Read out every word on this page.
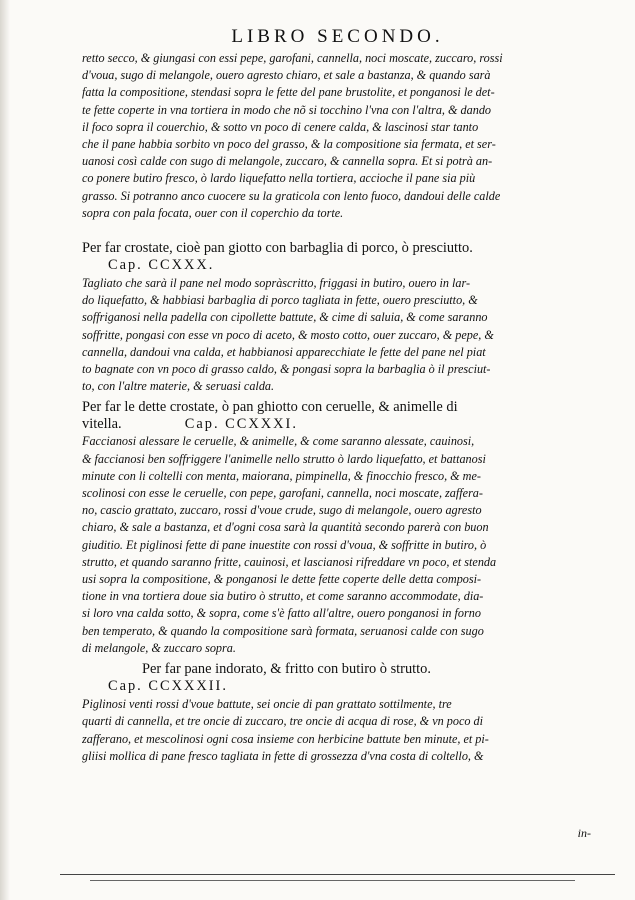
LIBRO SECONDO.
retto secco, & giungasi con essi pepe, garofani, cannella, noci moscate, zuccaro, rossi
d'voua, sugo di melangole, ouero agresto chiaro, et sale a bastanza, & quando sarà
fatta la compositione, stendasi sopra le fette del pane brustolite, et ponganosi le det-
te fette coperte in vna tortiera in modo che nõ si tocchino l'vna con l'altra, & dando
il foco sopra il couerchio, & sotto vn poco di cenere calda, & lascinosi star tanto
che il pane habbia sorbito vn poco del grasso, & la compositione sia fermata, et ser-
uanosi così calde con sugo di melangole, zuccaro, & cannella sopra. Et si potrà an-
co ponere butiro fresco, ò lardo liquefatto nella tortiera, accioche il pane sia più
grasso. Si potranno anco cuocere su la graticola con lento fuoco, dandoui delle calde
sopra con pala focata, ouer con il coperchio da torte.
Per far crostate, cioè pan giotto con barbaglia di porco, ò presciutto.
Cap. CCXXX.
Tagliato che sarà il pane nel modo sopràscritto, friggasi in butiro, ouero in lar-
do liquefatto, & habbiasi barbaglia di porco tagliata in fette, ouero presciutto, &
soffriganosi nella padella con cipollette battute, & cime di saluia, & come saranno
soffritte, pongasi con esse vn poco di aceto, & mosto cotto, ouer zuccaro, & pepe, &
cannella, dandoui vna calda, et habbianosi apparecchiate le fette del pane nel piat
to bagnate con vn poco di grasso caldo, & pongasi sopra la barbaglia ò il presciut-
to, con l'altre materie, & seruasi calda.
Per far le dette crostate, ò pan ghiotto con ceruelle, & animelle di
vitella.	Cap. CCXXXI.
Faccianosi alessare le ceruelle, & animelle, & come saranno alessate, cauinosi,
& faccianosi ben soffriggere l'animelle nello strutto ò lardo liquefatto, et battanosi
minute con li coltelli con menta, maiorana, pimpinella, & finocchio fresco, & me-
scolinosi con esse le ceruelle, con pepe, garofani, cannella, noci moscate, zaffera-
no, cascio grattato, zuccaro, rossi d'voue crude, sugo di melangole, ouero agresto
chiaro, & sale a bastanza, et d'ogni cosa sarà la quantità secondo parerà con buon
giuditio. Et piglinosi fette di pane inuestite con rossi d'voua, & soffritte in butiro, ò
strutto, et quando saranno fritte, cauinosi, et lascianosi rifreddare vn poco, et stenda
usi sopra la compositione, & ponganosi le dette fette coperte delle detta composi-
tione in vna tortiera doue sia butiro ò strutto, et come saranno accommodate, dia-
si loro vna calda sotto, & sopra, come s'è fatto all'altre, ouero ponganosi in forno
ben temperato, & quando la compositione sarà formata, seruanosi calde con sugo
di melangole, & zuccaro sopra.
Per far pane indorato, & fritto con butiro ò strutto.
Cap. CCXXXII.
Piglinosi venti rossi d'voue battute, sei oncie di pan grattato sottilmente, tre
quarti di cannella, et tre oncie di zuccaro, tre oncie di acqua di rose, & vn poco di
zafferano, et mescolinosi ogni cosa insieme con herbicine battute ben minute, et pi-
gliisi mollica di pane fresco tagliata in fette di grossezza d'vna costa di coltello, &
in-
